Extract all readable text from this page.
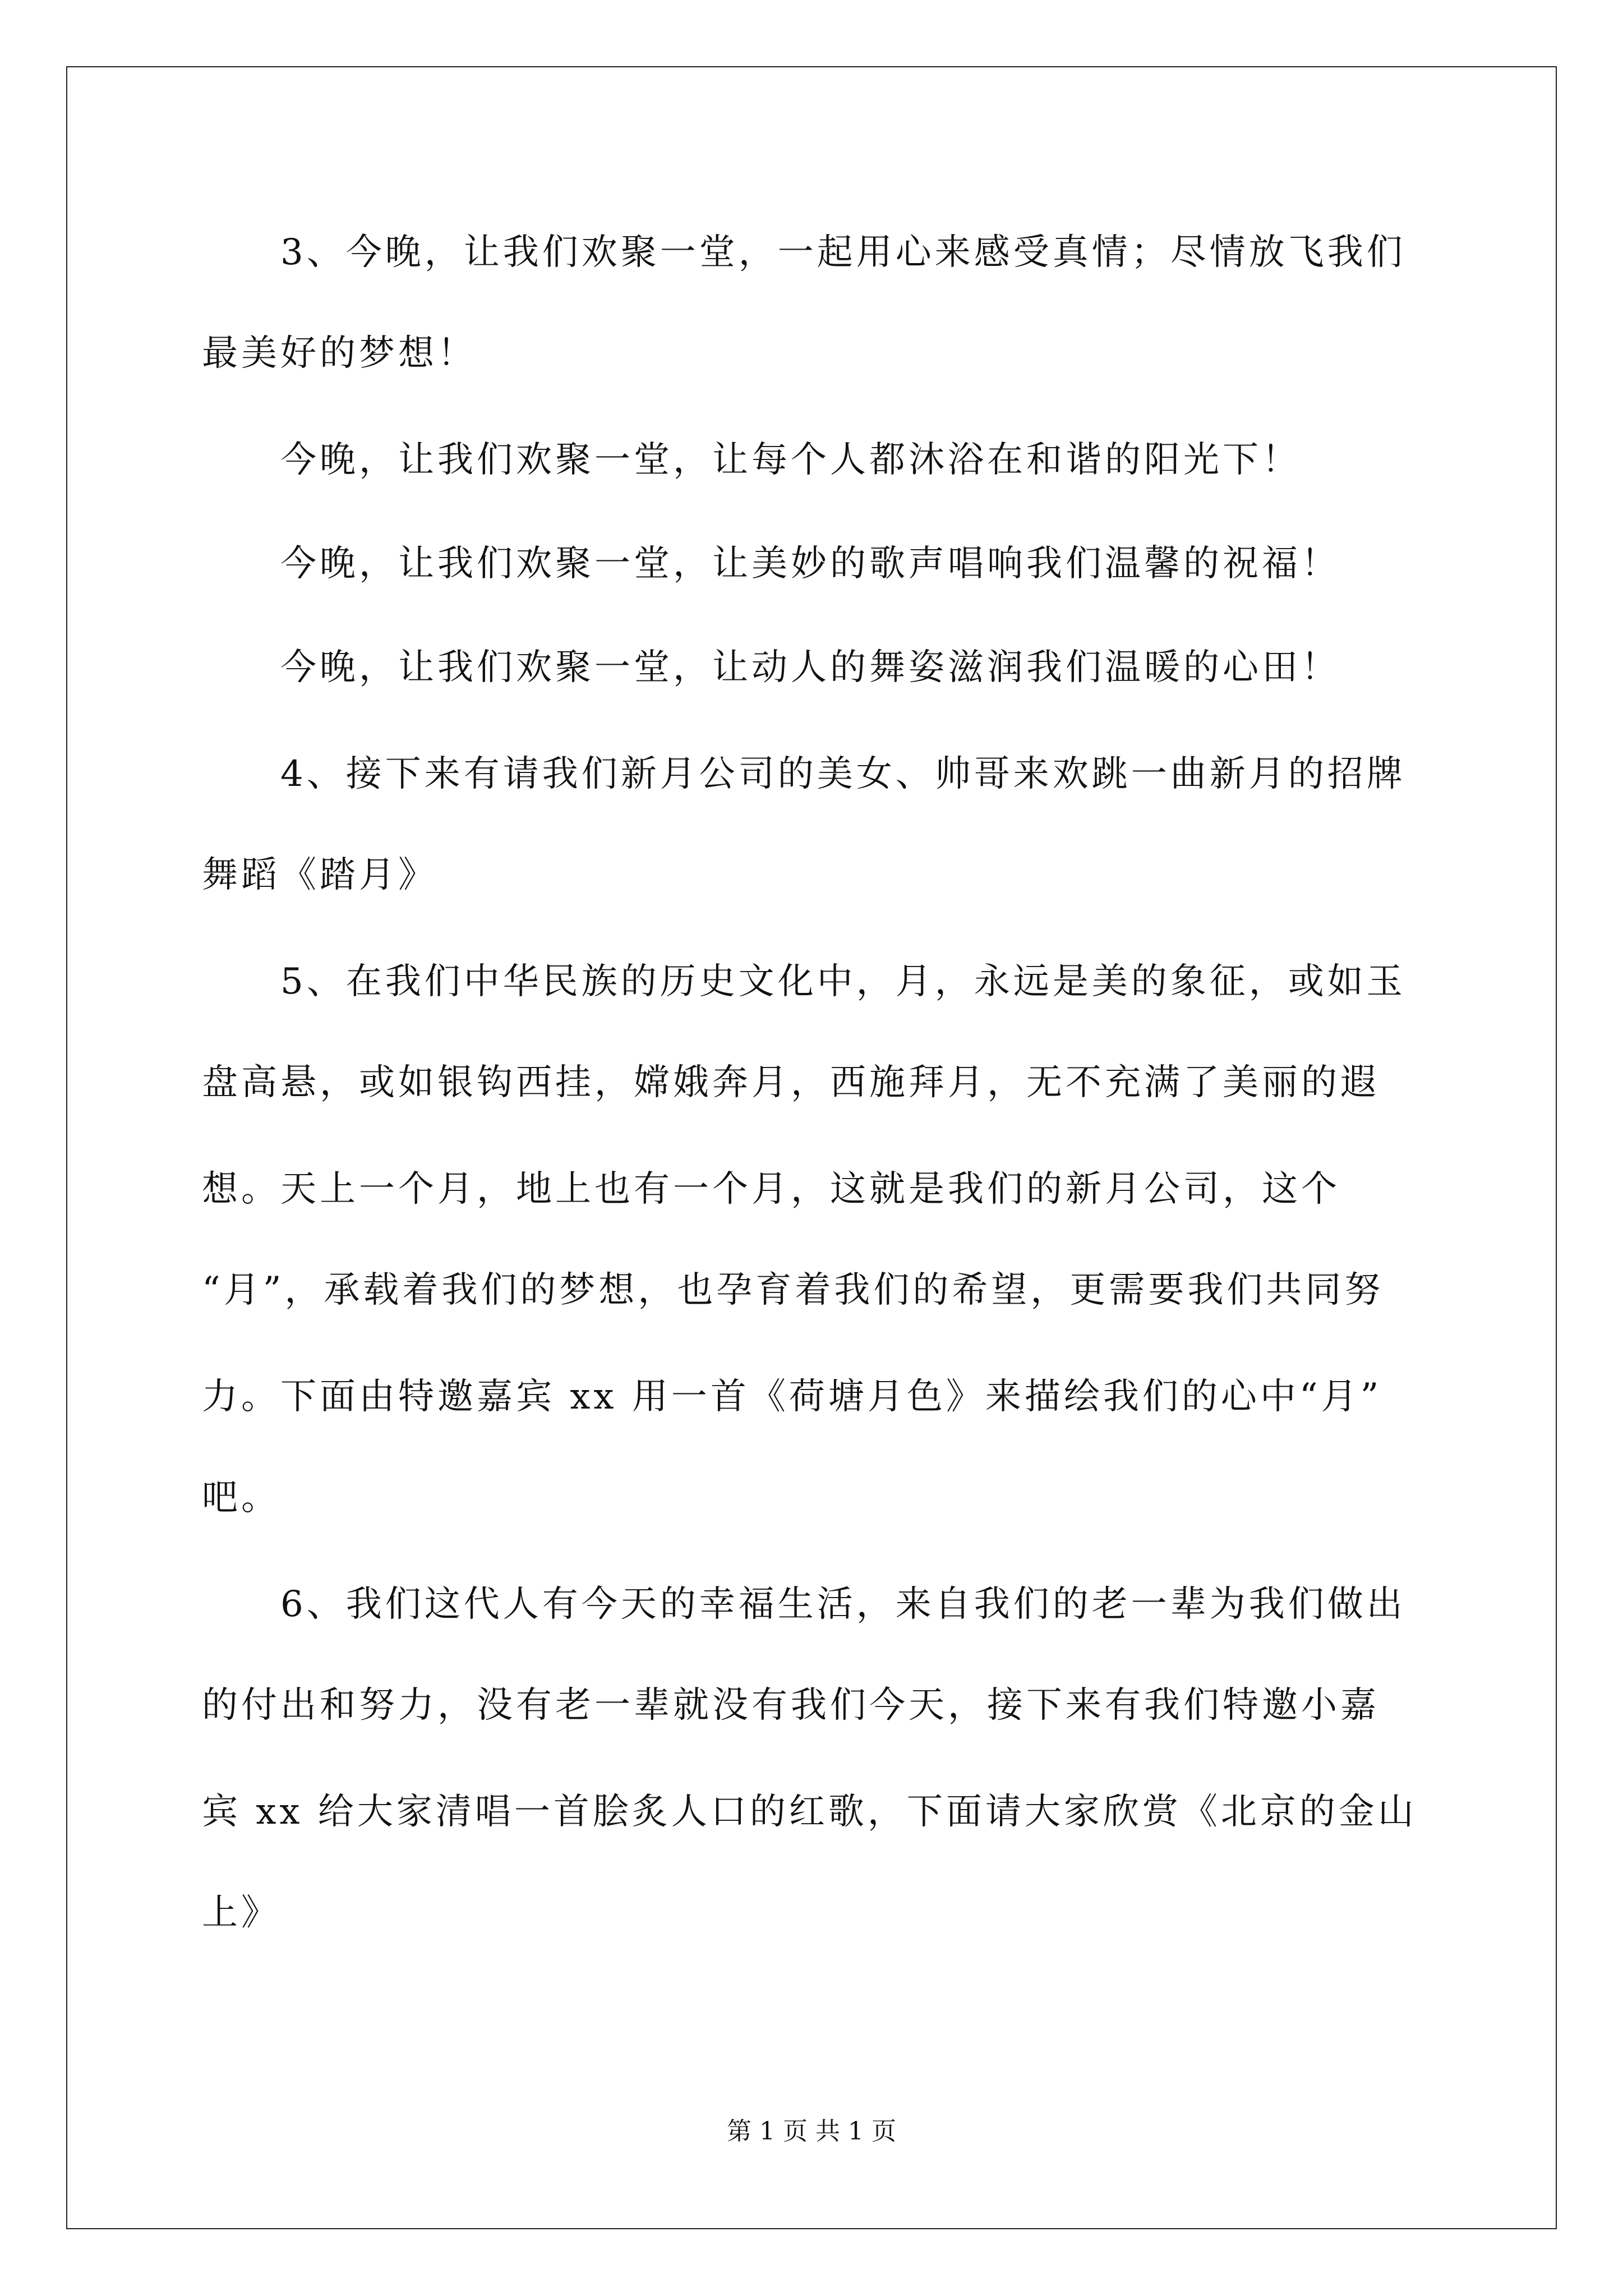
3、今晚，让我们欢聚一堂，一起用心来感受真情；尽情放飞我们
最美好的梦想！
今晚，让我们欢聚一堂，让每个人都沐浴在和谐的阳光下！
今晚，让我们欢聚一堂，让美妙的歌声唱响我们温馨的祝福！
今晚，让我们欢聚一堂，让动人的舞姿滋润我们温暖的心田！
4、接下来有请我们新月公司的美女、帅哥来欢跳一曲新月的招牌
舞蹈《踏月》
5、在我们中华民族的历史文化中，月，永远是美的象征，或如玉
盘高悬，或如银钩西挂，嫦娥奔月，西施拜月，无不充满了美丽的遐
想。天上一个月，地上也有一个月，这就是我们的新月公司，这个
“月”，承载着我们的梦想，也孕育着我们的希望，更需要我们共同努
力。下面由特邀嘉宾 xx 用一首《荷塘月色》来描绘我们的心中“月”
吧。
6、我们这代人有今天的幸福生活，来自我们的老一辈为我们做出
的付出和努力，没有老一辈就没有我们今天，接下来有我们特邀小嘉
宾 xx 给大家清唱一首脍炙人口的红歌，下面请大家欣赏《北京的金山
上》
第 1 页 共 1 页
